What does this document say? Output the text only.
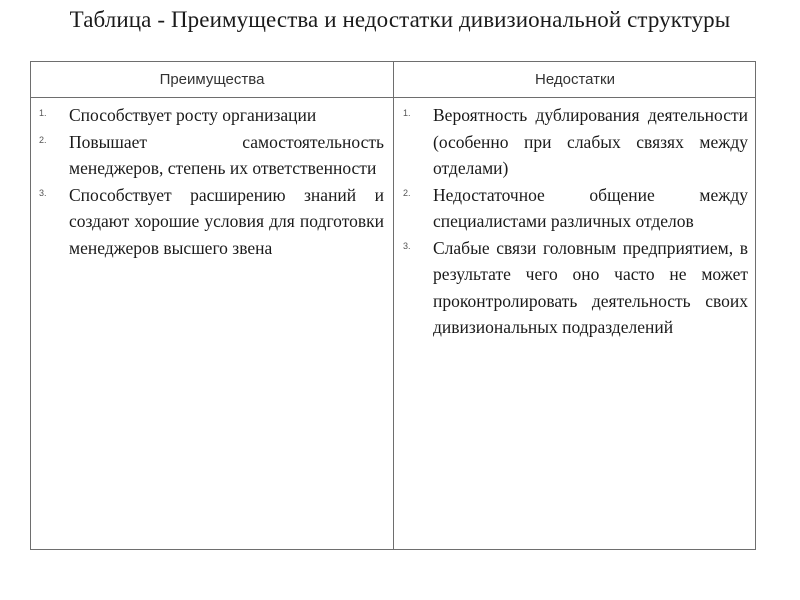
Таблица - Преимущества и недостатки дивизиональной структуры
Преимущества	Недостатки
1. Способствует росту организации
2. Повышает самостоятельность менеджеров, степень их ответственности
3. Способствует расширению знаний и создают хорошие условия для подготовки менеджеров высшего звена
1. Вероятность дублирования деятельности (особенно при слабых связях между отделами)
2. Недостаточное общение между специалистами различных отделов
3. Слабые связи головным предприятием, в результате чего оно часто не может проконтролировать деятельность своих дивизиональных подразделений
